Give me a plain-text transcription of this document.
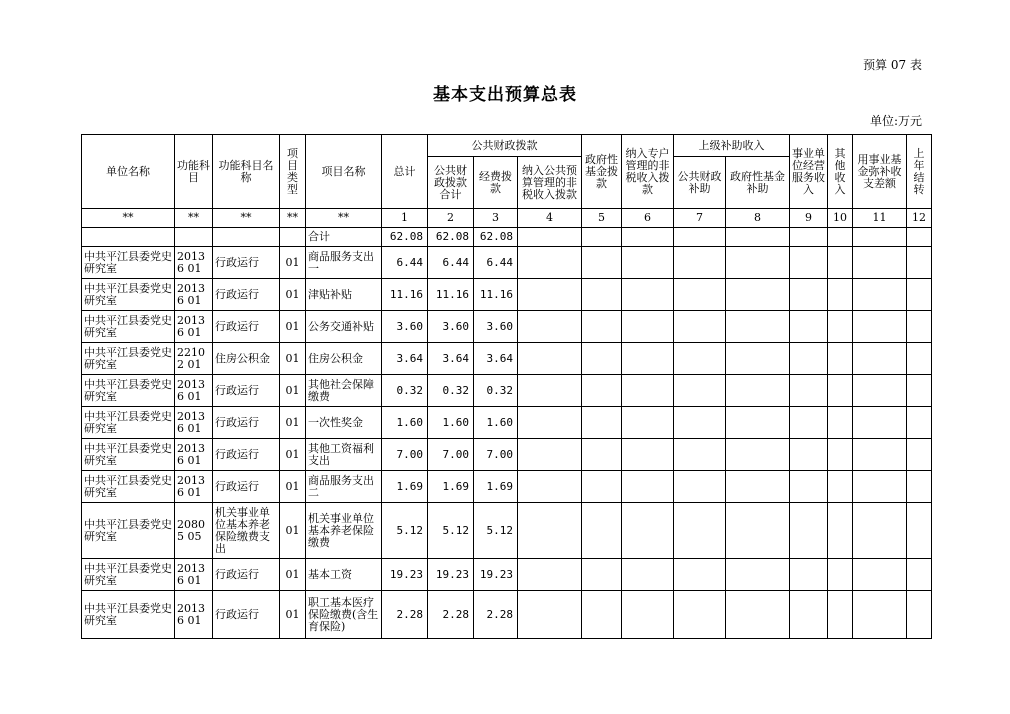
预算 07 表
基本支出预算总表
单位:万元
单位名称	功能科目	功能科目名称	项目类型	项目名称	总计	公共财政拨款			政府性基金拨款	纳入专户管理的非税收入拨款	上级补助收入		事业单位经营服务收入	其他收入	用事业基金弥补收支差额	上年结转
						公共财政拨款合计	经费拨款	纳入公共预算管理的非税收入拨款			公共财政补助	政府性基金补助				
**	**	**	**	**	1	2	3	4	5	6	7	8	9	10	11	12
				合计	62.08	62.08	62.08									
中共平江县委党史研究室	20136 01	行政运行	01	商品服务支出一	6.44	6.44	6.44									
中共平江县委党史研究室	20136 01	行政运行	01	津贴补贴	11.16	11.16	11.16									
中共平江县委党史研究室	20136 01	行政运行	01	公务交通补贴	3.60	3.60	3.60									
中共平江县委党史研究室	22102 01	住房公积金	01	住房公积金	3.64	3.64	3.64									
中共平江县委党史研究室	20136 01	行政运行	01	其他社会保障缴费	0.32	0.32	0.32									
中共平江县委党史研究室	20136 01	行政运行	01	一次性奖金	1.60	1.60	1.60									
中共平江县委党史研究室	20136 01	行政运行	01	其他工资福利支出	7.00	7.00	7.00									
中共平江县委党史研究室	20136 01	行政运行	01	商品服务支出二	1.69	1.69	1.69									
中共平江县委党史研究室	20805 05	机关事业单位基本养老保险缴费支出	01	机关事业单位基本养老保险缴费	5.12	5.12	5.12									
中共平江县委党史研究室	20136 01	行政运行	01	基本工资	19.23	19.23	19.23									
中共平江县委党史研究室	20136 01	行政运行	01	职工基本医疗保险缴费(含生育保险)	2.28	2.28	2.28									
